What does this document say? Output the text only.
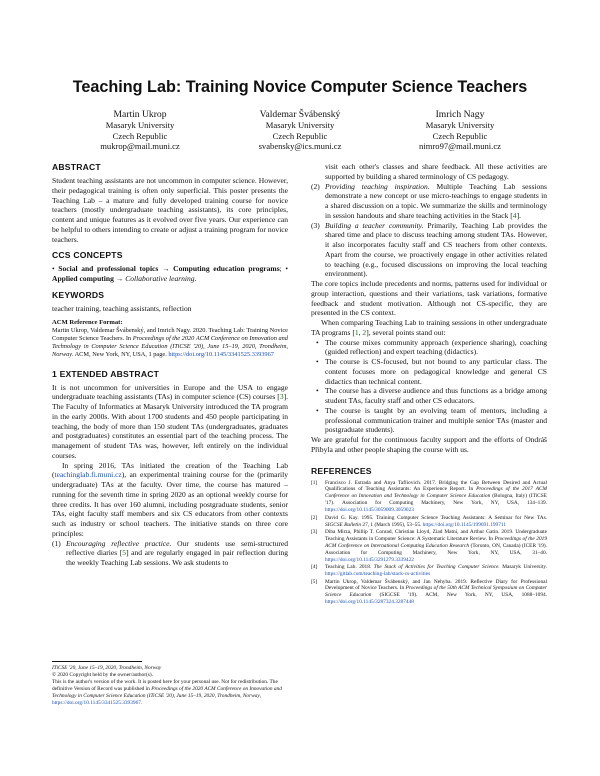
Teaching Lab: Training Novice Computer Science Teachers
Martin Ukrop
Masaryk University
Czech Republic
mukrop@mail.muni.cz
Valdemar Švábenský
Masaryk University
Czech Republic
svabensky@ics.muni.cz
Imrich Nagy
Masaryk University
Czech Republic
nimro97@mail.muni.cz
ABSTRACT

Student teaching assistants are not uncommon in computer science. However, their pedagogical training is often only superficial. This poster presents the Teaching Lab – a mature and fully developed training course for novice teachers (mostly undergraduate teaching assistants), its core principles, content and unique features as it evolved over five years. Our experience can be helpful to others intending to create or adjust a training program for novice teachers.

CCS CONCEPTS

• Social and professional topics → Computing education programs; • Applied computing → Collaborative learning.

KEYWORDS

teacher training, teaching assistants, reflection

ACM Reference Format:
Martin Ukrop, Valdemar Švábenský, and Imrich Nagy. 2020. Teaching Lab: Training Novice Computer Science Teachers. In Proceedings of the 2020 ACM Conference on Innovation and Technology in Computer Science Education (ITiCSE '20), June 15–19, 2020, Trondheim, Norway. ACM, New York, NY, USA, 1 page. https://doi.org/10.1145/3341525.3393967
1 EXTENDED ABSTRACT

It is not uncommon for universities in Europe and the USA to engage undergraduate teaching assistants (TAs) in computer science (CS) courses [3]. The Faculty of Informatics at Masaryk University introduced the TA program in the early 2000s. With about 1700 students and 450 people participating in teaching, the body of more than 150 student TAs (undergraduates, graduates and postgraduates) constitutes an essential part of the teaching process. The management of student TAs was, however, left entirely on the individual courses.

In spring 2016, TAs initiated the creation of the Teaching Lab (teachinglab.fi.muni.cz), an experimental training course for the (primarily undergraduate) TAs at the faculty. Over time, the course has matured – running for the seventh time in spring 2020 as an optional weekly course for three credits. It has over 160 alumni, including postgraduate students, senior TAs, eight faculty staff members and six CS educators from other contexts such as industry or school teachers. The initiative stands on three core principles:

(1) Encouraging reflective practice. Our students use semi-structured reflective diaries [5] and are regularly engaged in pair reflection during the weekly Teaching Lab sessions. We ask students to
ITiCSE '20, June 15–19, 2020, Trondheim, Norway
© 2020 Copyright held by the owner/author(s).
This is the author's version of the work. It is posted here for your personal use. Not for redistribution. The definitive Version of Record was published in Proceedings of the 2020 ACM Conference on Innovation and Technology in Computer Science Education (ITiCSE '20), June 15–19, 2020, Trondheim, Norway, https://doi.org/10.1145/3341525.3393967.

visit each other's classes and share feedback. All these activities are supported by building a shared terminology of CS pedagogy.

(2) Providing teaching inspiration. Multiple Teaching Lab sessions demonstrate a new concept or use micro-teachings to engage students in a shared discussion on a topic. We summarize the skills and terminology in session handouts and share teaching activities in the Stack [4].
(3) Building a teacher community. Primarily, Teaching Lab provides the shared time and place to discuss teaching among student TAs. However, it also incorporates faculty staff and CS teachers from other contexts. Apart from the course, we proactively engage in other activities related to teaching (e.g., focused discussions on improving the local teaching environment).

The core topics include precedents and norms, patterns used for individual or group interaction, questions and their variations, task variations, formative feedback and student motivation. Although not CS-specific, they are presented in the CS context.

When comparing Teaching Lab to training sessions in other undergraduate TA programs [1, 2], several points stand out:

• The course mixes community approach (experience sharing), coaching (guided reflection) and expert teaching (didactics).
• The course is CS-focused, but not bound to any particular class. The content focuses more on pedagogical knowledge and general CS didactics than technical content.
• The course has a diverse audience and thus functions as a bridge among student TAs, faculty staff and other CS educators.
• The course is taught by an evolving team of mentors, including a professional communication trainer and multiple senior TAs (master and postgraduate students).

We are grateful for the continuous faculty support and the efforts of Ondráš Přibyla and other people shaping the course with us.

REFERENCES
[1] Francisco J. Estrada and Anya Tafliovich. 2017. Bridging the Gap Between Desired and Actual Qualifications of Teaching Assistants: An Experience Report. In Proceedings of the 2017 ACM Conference on Innovation and Technology in Computer Science Education (Bologna, Italy) (ITiCSE '17). Association for Computing Machinery, New York, NY, USA, 134–139. https://doi.org/10.1145/3059009.3059023
[2] David G. Kay. 1995. Training Computer Science Teaching Assistants: A Seminar for New TAs. SIGCSE Bulletin 27, 1 (March 1995), 53–55. https://doi.org/10.1145/199691.199711
[3] Diba Mirza, Phillip T. Conrad, Christian Lloyd, Ziad Matni, and Arthur Gatin. 2019. Undergraduate Teaching Assistants in Computer Science: A Systematic Literature Review. In Proceedings of the 2019 ACM Conference on International Computing Education Research (Toronto, ON, Canada) (ICER '19). Association for Computing Machinery, New York, NY, USA, 31–40. https://doi.org/10.1145/3291279.3339422
[4] Teaching Lab. 2018. The Stack of Activities for Teaching Computer Science. Masaryk University. https://gitlab.com/teaching-lab/stack-cs-activities
[5] Martin Ukrop, Valdemar Švábenský, and Jan Nehyba. 2019. Reflective Diary for Professional Development of Novice Teachers. In Proceedings of the 50th ACM Technical Symposium on Computer Science Education (SIGCSE '19). ACM, New York, NY, USA, 1088–1094. https://doi.org/10.1145/3287324.3287448
